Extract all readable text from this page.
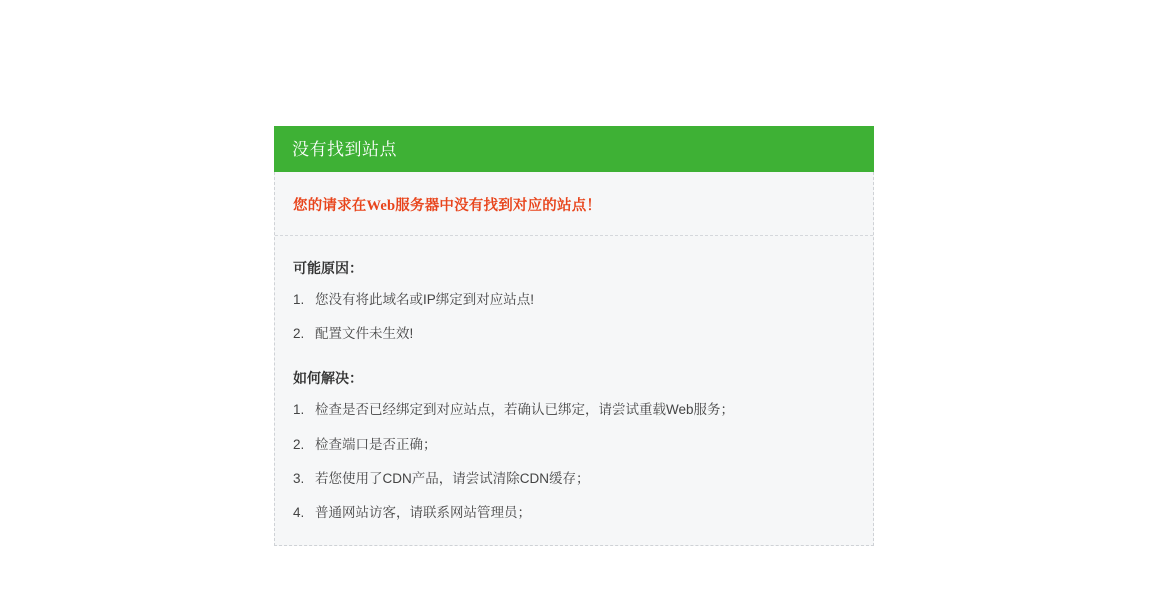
没有找到站点
您的请求在Web服务器中没有找到对应的站点！
可能原因：
1. 您没有将此域名或IP绑定到对应站点!
2. 配置文件未生效!
如何解决：
1. 检查是否已经绑定到对应站点，若确认已绑定，请尝试重载Web服务；
2. 检查端口是否正确；
3. 若您使用了CDN产品，请尝试清除CDN缓存；
4. 普通网站访客，请联系网站管理员；
